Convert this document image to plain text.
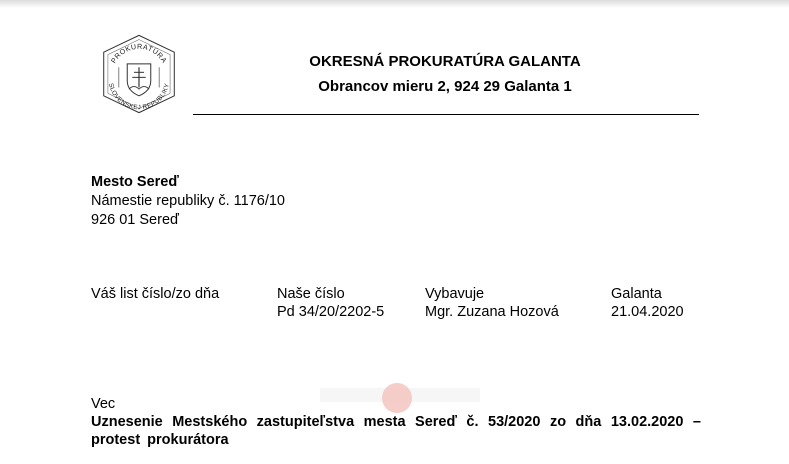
PROKURATÚRA
SLOVENSKEJ REPUBLIKY
OKRESNÁ PROKURATÚRA GALANTA
Obrancov mieru 2, 924 29 Galanta 1
Mesto Sereď
Námestie republiky č. 1176/10
926 01 Sereď
Váš list číslo/zo dňa	Naše číslo
Pd 34/20/2202-5
Vybavuje
Mgr. Zuzana Hozová
Galanta
21.04.2020
Vec
Uznesenie Mestského zastupiteľstva mesta Sereď č. 53/2020 zo dňa 13.02.2020 – protest prokurátora
